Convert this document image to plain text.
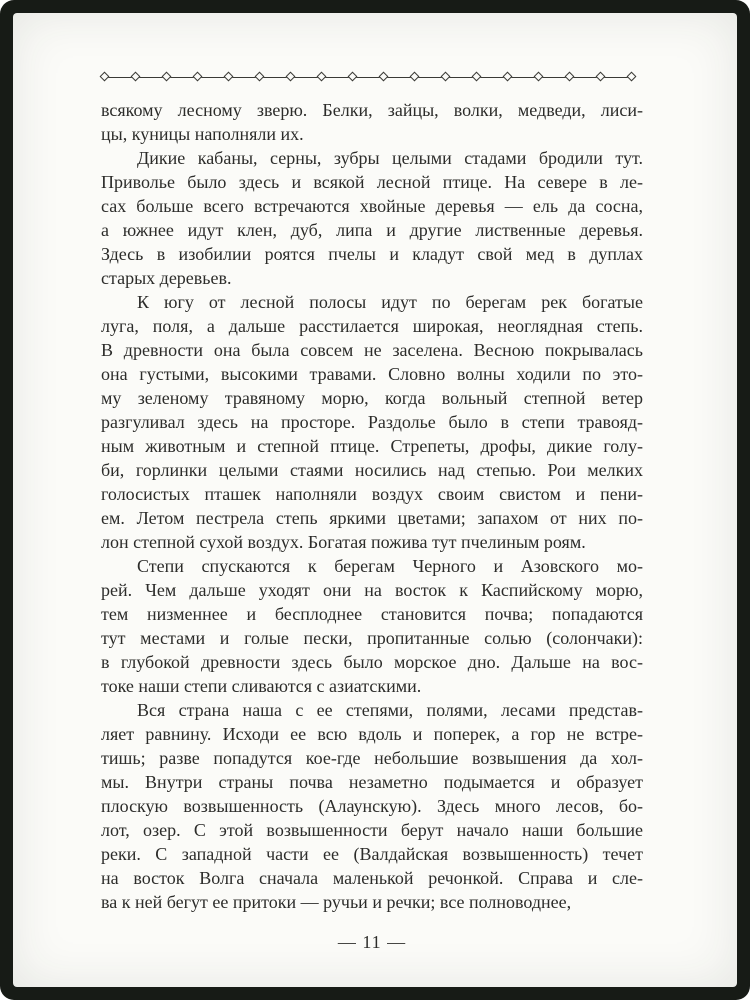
всякому лесному зверю. Белки, зайцы, волки, медведи, лиси-
цы, куницы наполняли их.
Дикие кабаны, серны, зубры целыми стадами бродили тут.
Приволье было здесь и всякой лесной птице. На севере в ле-
сах больше всего встречаются хвойные деревья — ель да сосна,
а южнее идут клен, дуб, липа и другие лиственные деревья.
Здесь в изобилии роятся пчелы и кладут свой мед в дуплах
старых деревьев.
К югу от лесной полосы идут по берегам рек богатые
луга, поля, а дальше расстилается широкая, неоглядная степь.
В древности она была совсем не заселена. Весною покрывалась
она густыми, высокими травами. Словно волны ходили по это-
му зеленому травяному морю, когда вольный степной ветер
разгуливал здесь на просторе. Раздолье было в степи травояд-
ным животным и степной птице. Стрепеты, дрофы, дикие голу-
би, горлинки целыми стаями носились над степью. Рои мелких
голосистых пташек наполняли воздух своим свистом и пени-
ем. Летом пестрела степь яркими цветами; запахом от них по-
лон степной сухой воздух. Богатая пожива тут пчелиным роям.
Степи спускаются к берегам Черного и Азовского мо-
рей. Чем дальше уходят они на восток к Каспийскому морю,
тем низменнее и бесплоднее становится почва; попадаются
тут местами и голые пески, пропитанные солью (солончаки):
в глубокой древности здесь было морское дно. Дальше на вос-
токе наши степи сливаются с азиатскими.
Вся страна наша с ее степями, полями, лесами представ-
ляет равнину. Исходи ее всю вдоль и поперек, а гор не встре-
тишь; разве попадутся кое-где небольшие возвышения да хол-
мы. Внутри страны почва незаметно подымается и образует
плоскую возвышенность (Алаунскую). Здесь много лесов, бо-
лот, озер. С этой возвышенности берут начало наши большие
реки. С западной части ее (Валдайская возвышенность) течет
на восток Волга сначала маленькой речонкой. Справа и сле-
ва к ней бегут ее притоки — ручьи и речки; все полноводнее,
— 11 —
